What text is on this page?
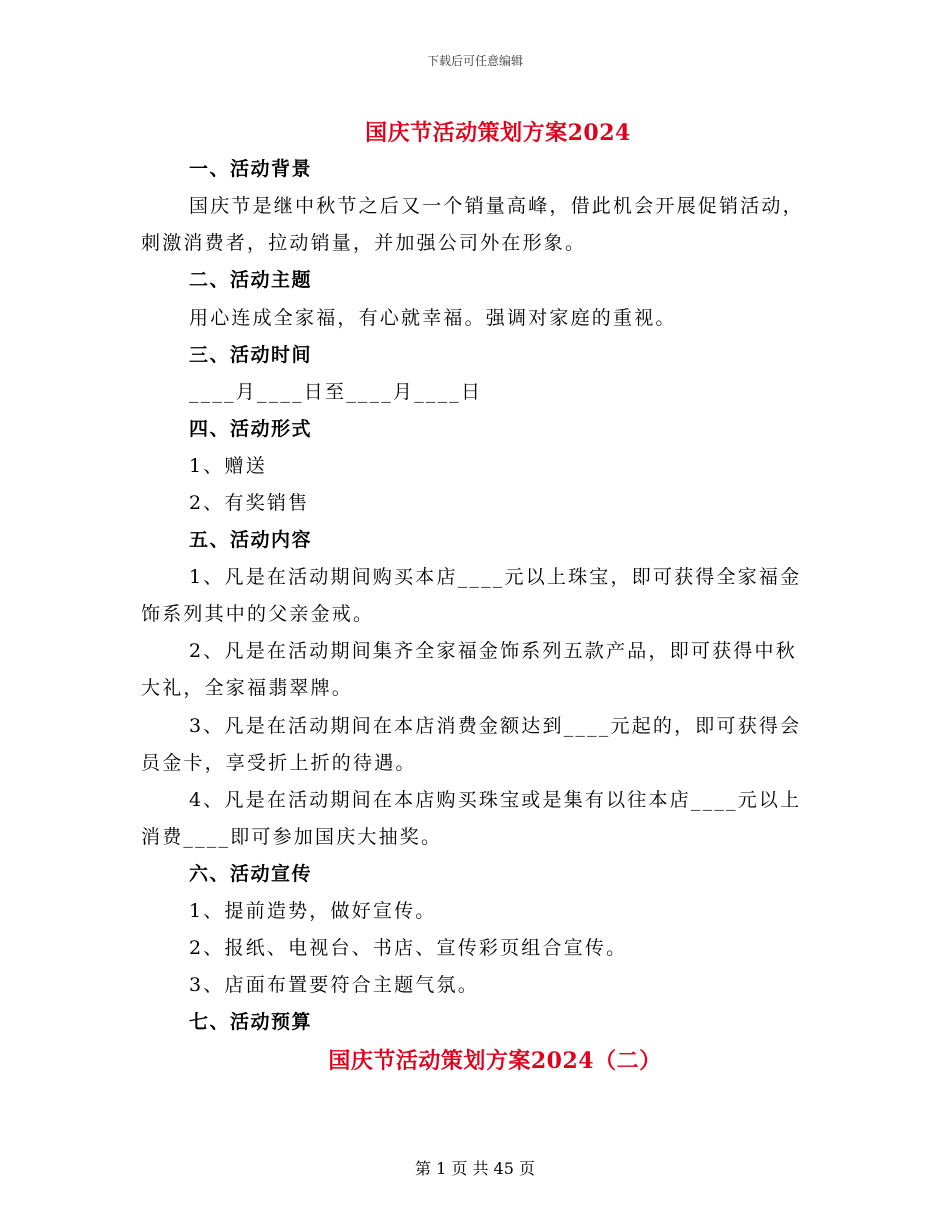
下载后可任意编辑
国庆节活动策划方案2024
一、活动背景
国庆节是继中秋节之后又一个销量高峰，借此机会开展促销活动，
刺激消费者，拉动销量，并加强公司外在形象。
二、活动主题
用心连成全家福，有心就幸福。强调对家庭的重视。
三、活动时间
____月____日至____月____日
四、活动形式
1、赠送
2、有奖销售
五、活动内容
1、凡是在活动期间购买本店____元以上珠宝，即可获得全家福金
饰系列其中的父亲金戒。
2、凡是在活动期间集齐全家福金饰系列五款产品，即可获得中秋
大礼，全家福翡翠牌。
3、凡是在活动期间在本店消费金额达到____元起的，即可获得会
员金卡，享受折上折的待遇。
4、凡是在活动期间在本店购买珠宝或是集有以往本店____元以上
消费____即可参加国庆大抽奖。
六、活动宣传
1、提前造势，做好宣传。
2、报纸、电视台、书店、宣传彩页组合宣传。
3、店面布置要符合主题气氛。
七、活动预算
国庆节活动策划方案2024（二）
第 1 页 共 45 页
